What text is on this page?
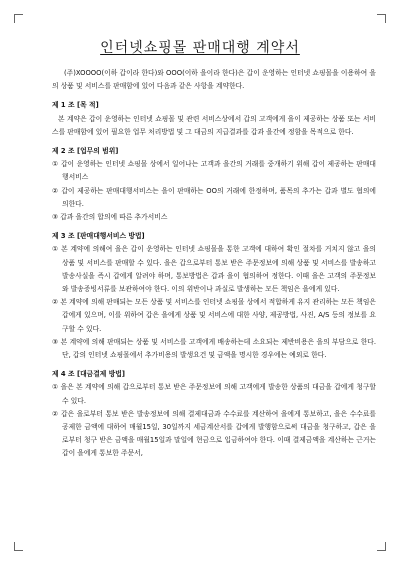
인터넷쇼핑몰 판매대행 계약서

(주)XOOOO(이하 갑이라 한다)와 OOO(이하 을이라 한다)은 갑이 운영하는 인터넷 쇼핑몰을 이용하여 을의 상품 및 서비스를 판매함에 있어 다음과 같은 사항을 계약한다.

제 1 조 [목 적]

본 계약은 갑이 운영하는 인터넷 쇼핑몰 및 관련 서비스상에서 갑의 고객에게 을이 제공하는 상품 또는 서비스를 판매함에 있어 필요한 업무 처리방법 및 그 대금의 지급결과를 갑과 을간에 정함을 목적으로 한다.

제 2 조 [업무의 범위]

① 갑이 운영하는 인터넷 쇼핑몰 상에서 일어나는 고객과 을간의 거래를 중개하기 위해 갑이 제공하는 판매대행서비스

② 갑이 제공하는 판매대행서비스는 을이 판매하는 OO의 거래에 한정하며, 품목의 추가는 갑과 별도 협의에 의한다.

③ 갑과 을간의 합의에 따른 추가서비스

제 3 조 [판매대행서비스 방법]

① 본 계약에 의해여 을은 갑이 운영하는 인터넷 쇼핑몰을 통한 고객에 대하여 확인 절차를 거치지 않고 을의 상품 및 서비스를 판매할 수 있다. 을은 갑으로부터 통보 받은 주문정보에 의해 상품 및 서비스를 발송하고 발송사실을 즉시 갑에게 알려야 하며, 통보방법은 갑과 을이 협의하여 정한다. 이때 을은 고객의 주문정보와 발송증빙서류를 보관하여야 한다. 이의 위반이나 과실로 발생하는 모든 책임은 을에게 있다.

② 본 계약에 의해 판매되는 모든 상품 및 서비스를 인터넷 쇼핑몰 상에서 적합하게 유지 관리하는 모든 책임은 갑에게 있으며, 이를 위하여 갑은 을에게 상품 및 서비스에 대한 사양, 제공방법, 사진, A/S 등의 정보를 요구할 수 있다.

③ 본 계약에 의해 판매되는 상품 및 서비스를 고객에게 배송하는데 소요되는 제반비용은 을의 부담으로 한다. 단, 갑의 인터넷 쇼핑몰에서 추가비용의 발생요건 및 금액을 명시한 경우에는 예외로 한다.

제 4 조 [대금결제 방법]

① 을은 본 계약에 의해 갑으로부터 통보 받은 주문정보에 의해 고객에게 발송한 상품의 대금을 갑에게 청구할 수 있다.

② 갑은 을로부터 통보 받은 발송정보에 의해 결제대금과 수수료를 계산하여 을에게 통보하고, 을은 수수료를 공제한 금액에 대하여 매월15일, 30일까지 세금계산서를 갑에게 발행함으로써 대금을 청구하고, 갑은 을로부터 청구 받은 금액을 매월15일과 말일에 현금으로 입금하여야 한다. 이때 결제금액을 계산하는 근거는 갑이 을에게 통보한 주문서,
